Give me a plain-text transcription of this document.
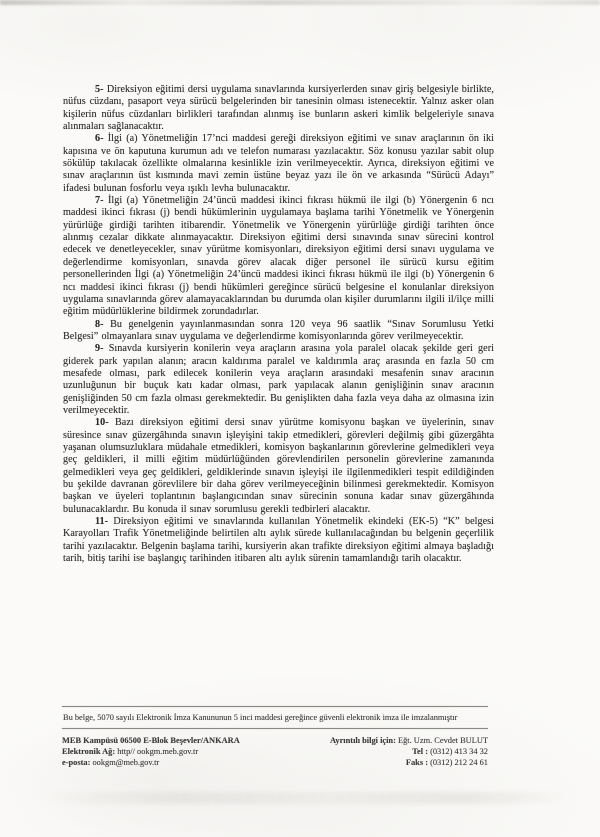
5- Direksiyon eğitimi dersi uygulama sınavlarında kursiyerlerden sınav giriş belgesiyle birlikte, nüfus cüzdanı, pasaport veya sürücü belgelerinden bir tanesinin olması istenecektir. Yalnız asker olan kişilerin nüfus cüzdanları birlikleri tarafından alınmış ise bunların askeri kimlik belgeleriyle sınava alınmaları sağlanacaktır.

6- İlgi (a) Yönetmeliğin 17’nci maddesi gereği direksiyon eğitimi ve sınav araçlarının ön iki kapısına ve ön kaputuna kurumun adı ve telefon numarası yazılacaktır. Söz konusu yazılar sabit olup sökülüp takılacak özellikte olmalarına kesinlikle izin verilmeyecektir. Ayrıca, direksiyon eğitimi ve sınav araçlarının üst kısmında mavi zemin üstüne beyaz yazı ile ön ve arkasında “Sürücü Adayı” ifadesi bulunan fosforlu veya ışıklı levha bulunacaktır.

7- İlgi (a) Yönetmeliğin 24’üncü maddesi ikinci fıkrası hükmü ile ilgi (b) Yönergenin 6 ncı maddesi ikinci fıkrası (j) bendi hükümlerinin uygulamaya başlama tarihi Yönetmelik ve Yönergenin yürürlüğe girdiği tarihten itibarendir. Yönetmelik ve Yönergenin yürürlüğe girdiği tarihten önce alınmış cezalar dikkate alınmayacaktır. Direksiyon eğitimi dersi sınavında sınav sürecini kontrol edecek ve denetleyecekler, sınav yürütme komisyonları, direksiyon eğitimi dersi sınavı uygulama ve değerlendirme komisyonları, sınavda görev alacak diğer personel ile sürücü kursu eğitim personellerinden İlgi (a) Yönetmeliğin 24’üncü maddesi ikinci fıkrası hükmü ile ilgi (b) Yönergenin 6 ncı maddesi ikinci fıkrası (j) bendi hükümleri gereğince sürücü belgesine el konulanlar direksiyon uygulama sınavlarında görev alamayacaklarından bu durumda olan kişiler durumlarını ilgili il/ilçe milli eğitim müdürlüklerine bildirmek zorundadırlar.

8- Bu genelgenin yayınlanmasından sonra 120 veya 96 saatlik “Sınav Sorumlusu Yetki Belgesi” olmayanlara sınav uygulama ve değerlendirme komisyonlarında görev verilmeyecektir.

9- Sınavda kursiyerin konilerin veya araçların arasına yola paralel olacak şekilde geri geri giderek park yapılan alanın; aracın kaldırıma paralel ve kaldırımla araç arasında en fazla 50 cm mesafede olması, park edilecek konilerin veya araçların arasındaki mesafenin sınav aracının uzunluğunun bir buçuk katı kadar olması, park yapılacak alanın genişliğinin sınav aracının genişliğinden 50 cm fazla olması gerekmektedir. Bu genişlikten daha fazla veya daha az olmasına izin verilmeyecektir.

10- Bazı direksiyon eğitimi dersi sınav yürütme komisyonu başkan ve üyelerinin, sınav süresince sınav güzergâhında sınavın işleyişini takip etmedikleri, görevleri değilmiş gibi güzergâhta yaşanan olumsuzluklara müdahale etmedikleri, komisyon başkanlarının görevlerine gelmedikleri veya geç geldikleri, il milli eğitim müdürlüğünden görevlendirilen personelin görevlerine zamanında gelmedikleri veya geç geldikleri, geldiklerinde sınavın işleyişi ile ilgilenmedikleri tespit edildiğinden bu şekilde davranan görevlilere bir daha görev verilmeyeceğinin bilinmesi gerekmektedir. Komisyon başkan ve üyeleri toplantının başlangıcından sınav sürecinin sonuna kadar sınav güzergâhında bulunacaklardır. Bu konuda il sınav sorumlusu gerekli tedbirleri alacaktır.

11- Direksiyon eğitimi ve sınavlarında kullanılan Yönetmelik ekindeki (EK-5) “K” belgesi Karayolları Trafik Yönetmeliğinde belirtilen altı aylık sürede kullanılacağından bu belgenin geçerlilik tarihi yazılacaktır. Belgenin başlama tarihi, kursiyerin akan trafikte direksiyon eğitimi almaya başladığı tarih, bitiş tarihi ise başlangıç tarihinden itibaren altı aylık sürenin tamamlandığı tarih olacaktır.

Bu belge, 5070 sayılı Elektronik İmza Kanununun 5 inci maddesi gereğince güvenli elektronik imza ile imzalanmıştır
MEB Kampüsü 06500 E-Blok Beşevler/ANKARA
Elektronik Ağ: http// ookgm.meb.gov.tr
e-posta: ookgm@meb.gov.tr
Ayrıntılı bilgi için: Eğt. Uzm. Cevdet BULUT
Tel : (0312) 413 34 32
Faks : (0312) 212 24 61
